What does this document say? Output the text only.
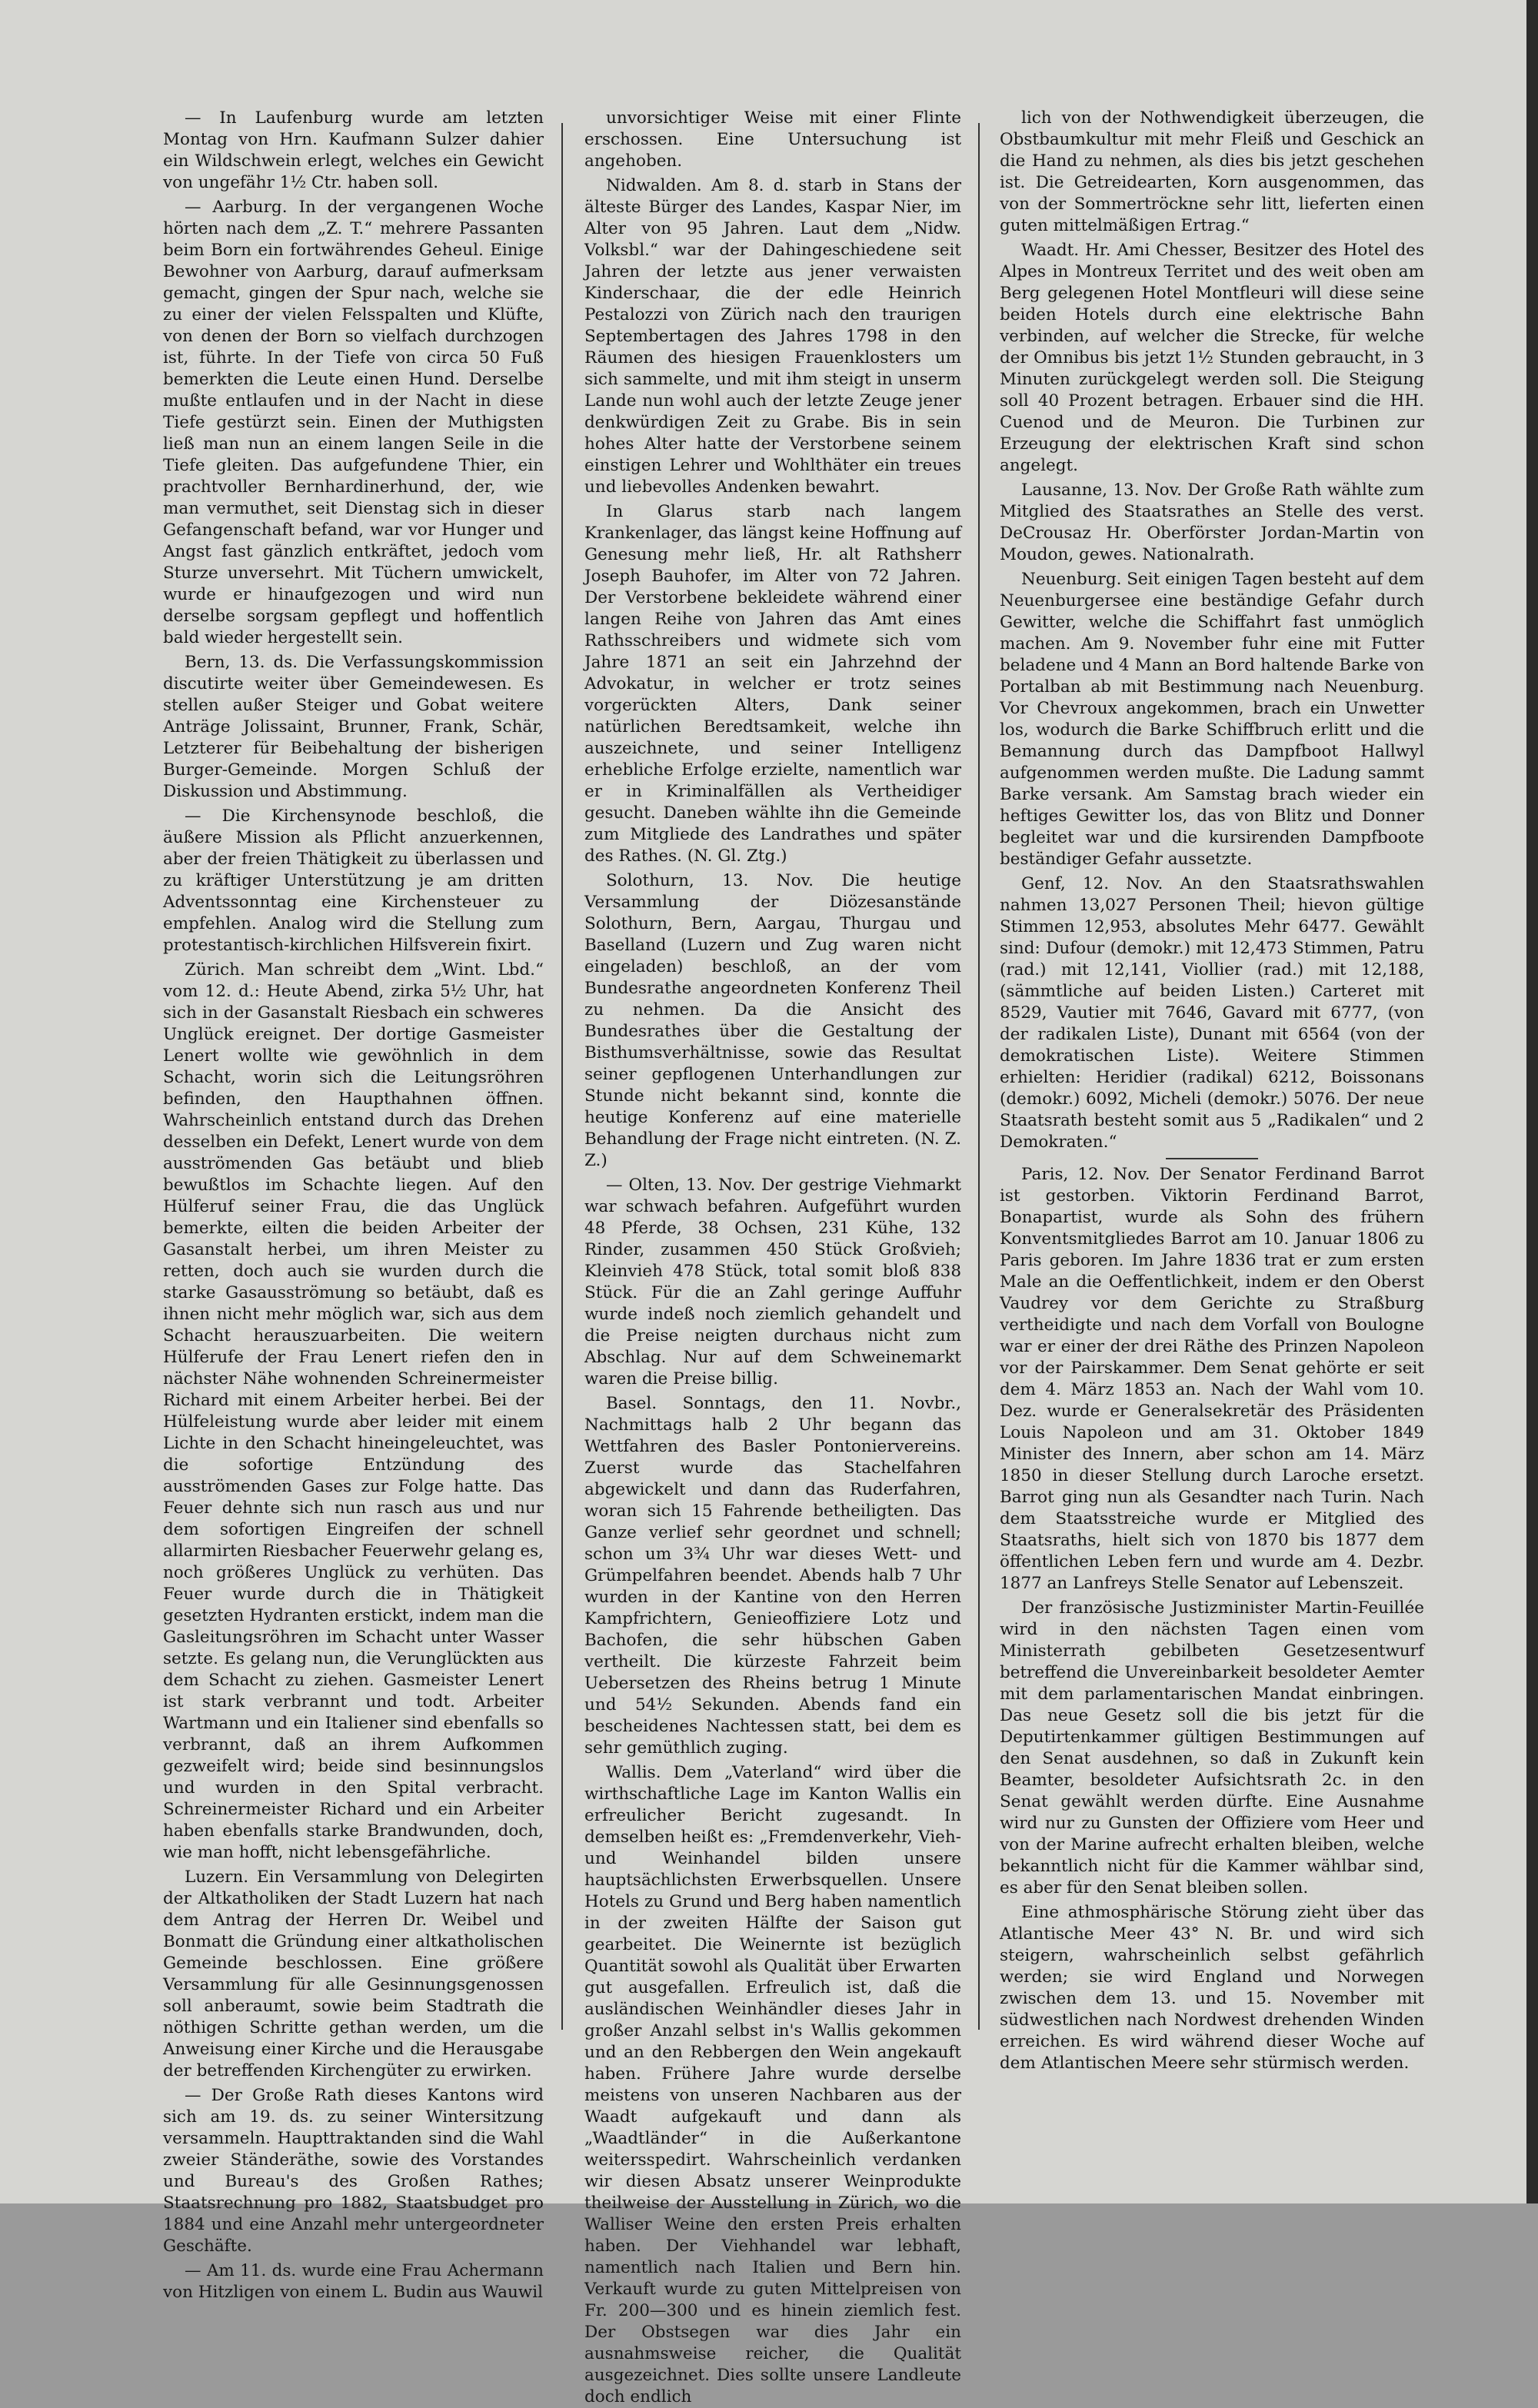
— In Laufenburg wurde am letzten Montag von Hrn. Kaufmann Sulzer dahier ein Wildschwein erlegt, welches ein Gewicht von ungefähr 1½ Ctr. haben soll.

— Aarburg. In der vergangenen Woche hörten nach dem „Z. T.“ mehrere Passanten beim Born ein fortwährendes Geheul. Einige Bewohner von Aarburg, darauf aufmerksam gemacht, gingen der Spur nach, welche sie zu einer der vielen Felsspalten und Klüfte, von denen der Born so vielfach durchzogen ist, führte. In der Tiefe von circa 50 Fuß bemerkten die Leute einen Hund. Derselbe mußte entlaufen und in der Nacht in diese Tiefe gestürzt sein. Einen der Muthigsten ließ man nun an einem langen Seile in die Tiefe gleiten. Das aufgefundene Thier, ein prachtvoller Bernhardinerhund, der, wie man vermuthet, seit Dienstag sich in dieser Gefangenschaft befand, war vor Hunger und Angst fast gänzlich entkräftet, jedoch vom Sturze unversehrt. Mit Tüchern umwickelt, wurde er hinaufgezogen und wird nun derselbe sorgsam gepflegt und hoffentlich bald wieder hergestellt sein.

Bern, 13. ds. Die Verfassungskommission discutirte weiter über Gemeindewesen. Es stellen außer Steiger und Gobat weitere Anträge Jolissaint, Brunner, Frank, Schär, Letzterer für Beibehaltung der bisherigen Burger-Gemeinde. Morgen Schluß der Diskussion und Abstimmung.

— Die Kirchensynode beschloß, die äußere Mission als Pflicht anzuerkennen, aber der freien Thätigkeit zu überlassen und zu kräftiger Unterstützung je am dritten Adventssonntag eine Kirchensteuer zu empfehlen. Analog wird die Stellung zum protestantisch-kirchlichen Hilfsverein fixirt.

Zürich. Man schreibt dem „Wint. Lbd.“ vom 12. d.: Heute Abend, zirka 5½ Uhr, hat sich in der Gasanstalt Riesbach ein schweres Unglück ereignet. Der dortige Gasmeister Lenert wollte wie gewöhnlich in dem Schacht, worin sich die Leitungsröhren befinden, den Haupthahnen öffnen. Wahrscheinlich entstand durch das Drehen desselben ein Defekt, Lenert wurde von dem ausströmenden Gas betäubt und blieb bewußtlos im Schachte liegen. Auf den Hülferuf seiner Frau, die das Unglück bemerkte, eilten die beiden Arbeiter der Gasanstalt herbei, um ihren Meister zu retten, doch auch sie wurden durch die starke Gasausströmung so betäubt, daß es ihnen nicht mehr möglich war, sich aus dem Schacht herauszuarbeiten. Die weitern Hülferufe der Frau Lenert riefen den in nächster Nähe wohnenden Schreinermeister Richard mit einem Arbeiter herbei. Bei der Hülfeleistung wurde aber leider mit einem Lichte in den Schacht hineingeleuchtet, was die sofortige Entzündung des ausströmenden Gases zur Folge hatte. Das Feuer dehnte sich nun rasch aus und nur dem sofortigen Eingreifen der schnell allarmirten Riesbacher Feuerwehr gelang es, noch größeres Unglück zu verhüten. Das Feuer wurde durch die in Thätigkeit gesetzten Hydranten erstickt, indem man die Gasleitungsröhren im Schacht unter Wasser setzte. Es gelang nun, die Verunglückten aus dem Schacht zu ziehen. Gasmeister Lenert ist stark verbrannt und todt. Arbeiter Wartmann und ein Italiener sind ebenfalls so verbrannt, daß an ihrem Aufkommen gezweifelt wird; beide sind besinnungslos und wurden in den Spital verbracht. Schreinermeister Richard und ein Arbeiter haben ebenfalls starke Brandwunden, doch, wie man hofft, nicht lebensgefährliche.

Luzern. Ein Versammlung von Delegirten der Altkatholiken der Stadt Luzern hat nach dem Antrag der Herren Dr. Weibel und Bonmatt die Gründung einer altkatholischen Gemeinde beschlossen. Eine größere Versammlung für alle Gesinnungsgenossen soll anberaumt, sowie beim Stadtrath die nöthigen Schritte gethan werden, um die Anweisung einer Kirche und die Herausgabe der betreffenden Kirchengüter zu erwirken.

— Der Große Rath dieses Kantons wird sich am 19. ds. zu seiner Wintersitzung versammeln. Haupttraktanden sind die Wahl zweier Ständeräthe, sowie des Vorstandes und Bureau's des Großen Rathes; Staatsrechnung pro 1882, Staatsbudget pro 1884 und eine Anzahl mehr untergeordneter Geschäfte.

— Am 11. ds. wurde eine Frau Achermann von Hitzligen von einem L. Budin aus Wauwil

unvorsichtiger Weise mit einer Flinte erschossen. Eine Untersuchung ist angehoben.

Nidwalden. Am 8. d. starb in Stans der älteste Bürger des Landes, Kaspar Nier, im Alter von 95 Jahren. Laut dem „Nidw. Volksbl.“ war der Dahingeschiedene seit Jahren der letzte aus jener verwaisten Kinderschaar, die der edle Heinrich Pestalozzi von Zürich nach den traurigen Septembertagen des Jahres 1798 in den Räumen des hiesigen Frauenklosters um sich sammelte, und mit ihm steigt in unserm Lande nun wohl auch der letzte Zeuge jener denkwürdigen Zeit zu Grabe. Bis in sein hohes Alter hatte der Verstorbene seinem einstigen Lehrer und Wohlthäter ein treues und liebevolles Andenken bewahrt.

In Glarus starb nach langem Krankenlager, das längst keine Hoffnung auf Genesung mehr ließ, Hr. alt Rathsherr Joseph Bauhofer, im Alter von 72 Jahren. Der Verstorbene bekleidete während einer langen Reihe von Jahren das Amt eines Rathsschreibers und widmete sich vom Jahre 1871 an seit ein Jahrzehnd der Advokatur, in welcher er trotz seines vorgerückten Alters, Dank seiner natürlichen Beredtsamkeit, welche ihn auszeichnete, und seiner Intelligenz erhebliche Erfolge erzielte, namentlich war er in Kriminalfällen als Vertheidiger gesucht. Daneben wählte ihn die Gemeinde zum Mitgliede des Landrathes und später des Rathes. (N. Gl. Ztg.)

Solothurn, 13. Nov. Die heutige Versammlung der Diözesanstände Solothurn, Bern, Aargau, Thurgau und Baselland (Luzern und Zug waren nicht eingeladen) beschloß, an der vom Bundesrathe angeordneten Konferenz Theil zu nehmen. Da die Ansicht des Bundesrathes über die Gestaltung der Bisthumsverhältnisse, sowie das Resultat seiner gepflogenen Unterhandlungen zur Stunde nicht bekannt sind, konnte die heutige Konferenz auf eine materielle Behandlung der Frage nicht eintreten. (N. Z. Z.)

— Olten, 13. Nov. Der gestrige Viehmarkt war schwach befahren. Aufgeführt wurden 48 Pferde, 38 Ochsen, 231 Kühe, 132 Rinder, zusammen 450 Stück Großvieh; Kleinvieh 478 Stück, total somit bloß 838 Stück. Für die an Zahl geringe Auffuhr wurde indeß noch ziemlich gehandelt und die Preise neigten durchaus nicht zum Abschlag. Nur auf dem Schweinemarkt waren die Preise billig.

Basel. Sonntags, den 11. Novbr., Nachmittags halb 2 Uhr begann das Wettfahren des Basler Pontoniervereins. Zuerst wurde das Stachelfahren abgewickelt und dann das Ruderfahren, woran sich 15 Fahrende betheiligten. Das Ganze verlief sehr geordnet und schnell; schon um 3¾ Uhr war dieses Wett- und Grümpelfahren beendet. Abends halb 7 Uhr wurden in der Kantine von den Herren Kampfrichtern, Genieoffiziere Lotz und Bachofen, die sehr hübschen Gaben vertheilt. Die kürzeste Fahrzeit beim Uebersetzen des Rheins betrug 1 Minute und 54½ Sekunden. Abends fand ein bescheidenes Nachtessen statt, bei dem es sehr gemüthlich zuging.

Wallis. Dem „Vaterland“ wird über die wirthschaftliche Lage im Kanton Wallis ein erfreulicher Bericht zugesandt. In demselben heißt es: „Fremdenverkehr, Vieh- und Weinhandel bilden unsere hauptsächlichsten Erwerbsquellen. Unsere Hotels zu Grund und Berg haben namentlich in der zweiten Hälfte der Saison gut gearbeitet. Die Weinernte ist bezüglich Quantität sowohl als Qualität über Erwarten gut ausgefallen. Erfreulich ist, daß die ausländischen Weinhändler dieses Jahr in großer Anzahl selbst in's Wallis gekommen und an den Rebbergen den Wein angekauft haben. Frühere Jahre wurde derselbe meistens von unseren Nachbaren aus der Waadt aufgekauft und dann als „Waadtländer“ in die Außerkantone weitersspedirt. Wahrscheinlich verdanken wir diesen Absatz unserer Weinprodukte theilweise der Ausstellung in Zürich, wo die Walliser Weine den ersten Preis erhalten haben. Der Viehhandel war lebhaft, namentlich nach Italien und Bern hin. Verkauft wurde zu guten Mittelpreisen von Fr. 200—300 und es hinein ziemlich fest. Der Obstsegen war dies Jahr ein ausnahmsweise reicher, die Qualität ausgezeichnet. Dies sollte unsere Landleute doch endlich

lich von der Nothwendigkeit überzeugen, die Obstbaumkultur mit mehr Fleiß und Geschick an die Hand zu nehmen, als dies bis jetzt geschehen ist. Die Getreidearten, Korn ausgenommen, das von der Sommertröckne sehr litt, lieferten einen guten mittelmäßigen Ertrag.“

Waadt. Hr. Ami Chesser, Besitzer des Hotel des Alpes in Montreux Territet und des weit oben am Berg gelegenen Hotel Montfleuri will diese seine beiden Hotels durch eine elektrische Bahn verbinden, auf welcher die Strecke, für welche der Omnibus bis jetzt 1½ Stunden gebraucht, in 3 Minuten zurückgelegt werden soll. Die Steigung soll 40 Prozent betragen. Erbauer sind die HH. Cuenod und de Meuron. Die Turbinen zur Erzeugung der elektrischen Kraft sind schon angelegt.

Lausanne, 13. Nov. Der Große Rath wählte zum Mitglied des Staatsrathes an Stelle des verst. DeCrousaz Hr. Oberförster Jordan-Martin von Moudon, gewes. Nationalrath.

Neuenburg. Seit einigen Tagen besteht auf dem Neuenburgersee eine beständige Gefahr durch Gewitter, welche die Schiffahrt fast unmöglich machen. Am 9. November fuhr eine mit Futter beladene und 4 Mann an Bord haltende Barke von Portalban ab mit Bestimmung nach Neuenburg. Vor Chevroux angekommen, brach ein Unwetter los, wodurch die Barke Schiffbruch erlitt und die Bemannung durch das Dampfboot Hallwyl aufgenommen werden mußte. Die Ladung sammt Barke versank. Am Samstag brach wieder ein heftiges Gewitter los, das von Blitz und Donner begleitet war und die kursirenden Dampfboote beständiger Gefahr aussetzte.

Genf, 12. Nov. An den Staatsrathswahlen nahmen 13,027 Personen Theil; hievon gültige Stimmen 12,953, absolutes Mehr 6477. Gewählt sind: Dufour (demokr.) mit 12,473 Stimmen, Patru (rad.) mit 12,141, Viollier (rad.) mit 12,188, (sämmtliche auf beiden Listen.) Carteret mit 8529, Vautier mit 7646, Gavard mit 6777, (von der radikalen Liste), Dunant mit 6564 (von der demokratischen Liste). Weitere Stimmen erhielten: Heridier (radikal) 6212, Boissonans (demokr.) 6092, Micheli (demokr.) 5076. Der neue Staatsrath besteht somit aus 5 „Radikalen“ und 2 Demokraten.“

Paris, 12. Nov. Der Senator Ferdinand Barrot ist gestorben. Viktorin Ferdinand Barrot, Bonapartist, wurde als Sohn des frühern Konventsmitgliedes Barrot am 10. Januar 1806 zu Paris geboren. Im Jahre 1836 trat er zum ersten Male an die Oeffentlichkeit, indem er den Oberst Vaudrey vor dem Gerichte zu Straßburg vertheidigte und nach dem Vorfall von Boulogne war er einer der drei Räthe des Prinzen Napoleon vor der Pairskammer. Dem Senat gehörte er seit dem 4. März 1853 an. Nach der Wahl vom 10. Dez. wurde er Generalsekretär des Präsidenten Louis Napoleon und am 31. Oktober 1849 Minister des Innern, aber schon am 14. März 1850 in dieser Stellung durch Laroche ersetzt. Barrot ging nun als Gesandter nach Turin. Nach dem Staatsstreiche wurde er Mitglied des Staatsraths, hielt sich von 1870 bis 1877 dem öffentlichen Leben fern und wurde am 4. Dezbr. 1877 an Lanfreys Stelle Senator auf Lebenszeit.

Der französische Justizminister Martin-Feuillée wird in den nächsten Tagen einen vom Ministerrath gebilbeten Gesetzesentwurf betreffend die Unvereinbarkeit besoldeter Aemter mit dem parlamentarischen Mandat einbringen. Das neue Gesetz soll die bis jetzt für die Deputirtenkammer gültigen Bestimmungen auf den Senat ausdehnen, so daß in Zukunft kein Beamter, besoldeter Aufsichtsrath 2c. in den Senat gewählt werden dürfte. Eine Ausnahme wird nur zu Gunsten der Offiziere vom Heer und von der Marine aufrecht erhalten bleiben, welche bekanntlich nicht für die Kammer wählbar sind, es aber für den Senat bleiben sollen.

Eine athmosphärische Störung zieht über das Atlantische Meer 43° N. Br. und wird sich steigern, wahrscheinlich selbst gefährlich werden; sie wird England und Norwegen zwischen dem 13. und 15. November mit südwestlichen nach Nordwest drehenden Winden erreichen. Es wird während dieser Woche auf dem Atlantischen Meere sehr stürmisch werden.
